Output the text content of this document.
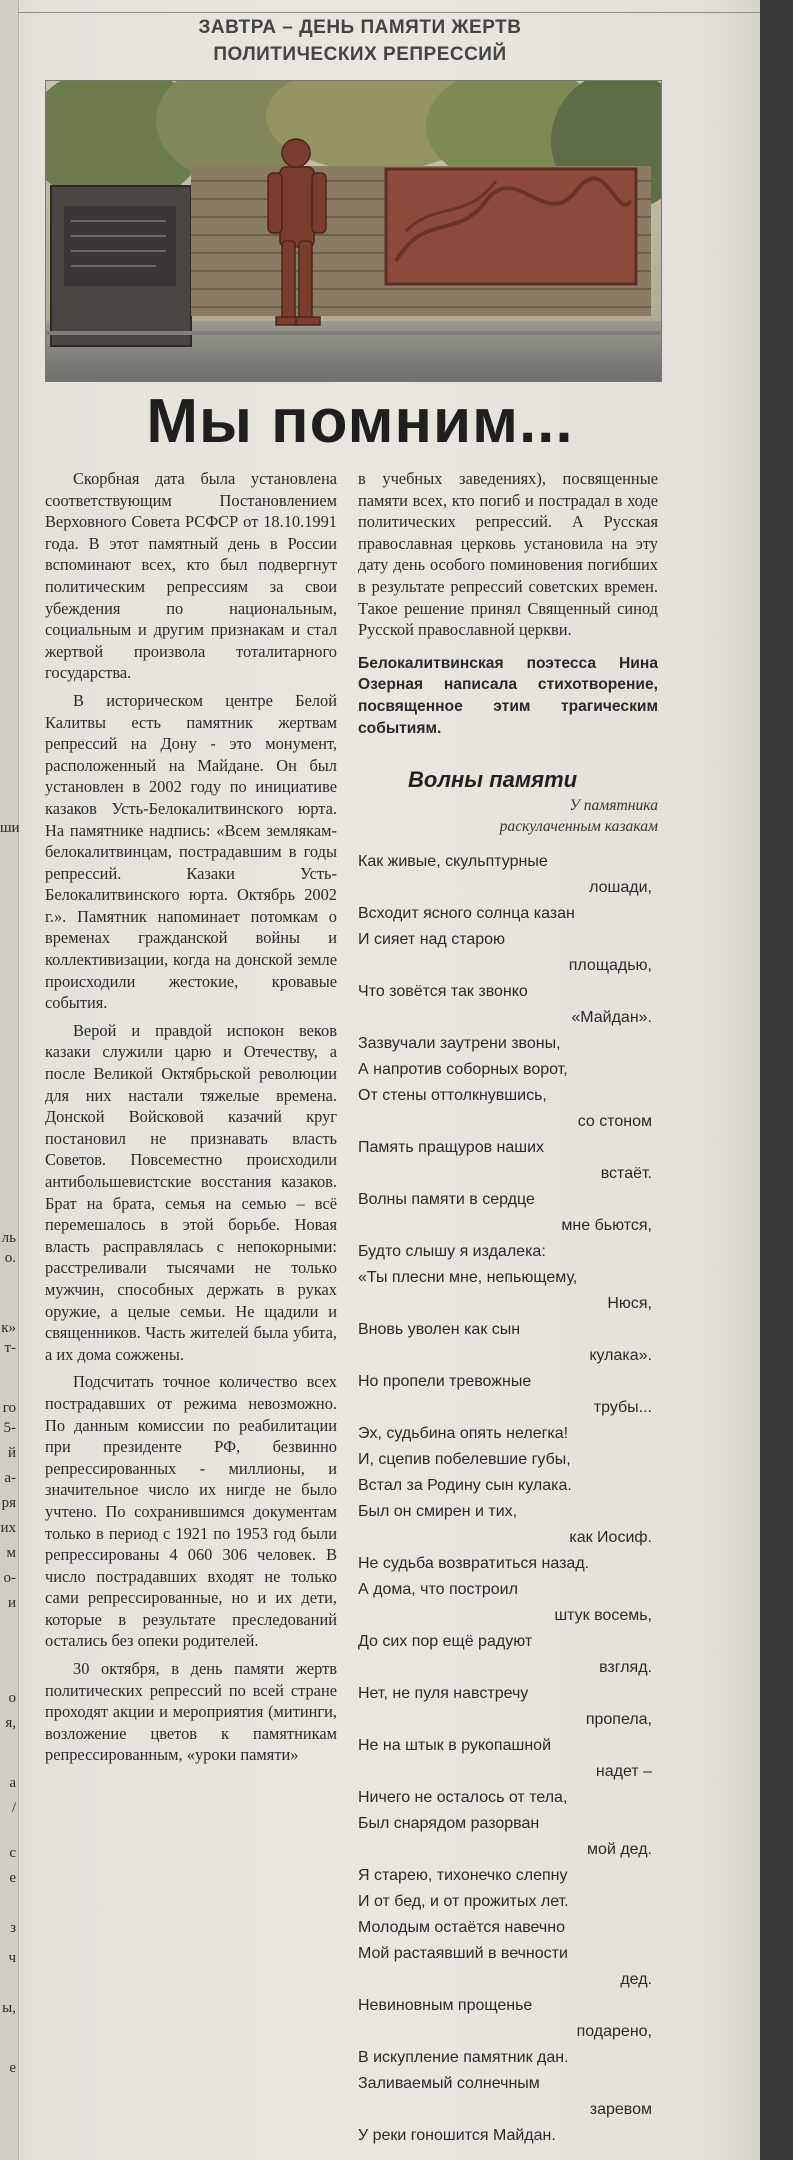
ши
ль
о.
к»
т-
го
5-
й
а-
ря
их
м
о-
и
о
я,
а
/
с
е
з
ч
ы,
е
ЗАВТРА – ДЕНЬ ПАМЯТИ ЖЕРТВ
ПОЛИТИЧЕСКИХ РЕПРЕССИЙ
Мы помним...

Скорбная дата была установлена соответствующим Постановлением Верховного Совета РСФСР от 18.10.1991 года. В этот памятный день в России вспоминают всех, кто был подвергнут политическим репрессиям за свои убеждения по национальным, социальным и другим признакам и стал жертвой произвола тоталитарного государства.

В историческом центре Белой Калитвы есть памятник жертвам репрессий на Дону - это монумент, расположенный на Майдане. Он был установлен в 2002 году по инициативе казаков Усть-Белокалитвинского юрта. На памятнике надпись: «Всем землякам-белокалитвинцам, пострадавшим в годы репрессий. Казаки Усть-Белокалитвинского юрта. Октябрь 2002 г.». Памятник напоминает потомкам о временах гражданской войны и коллективизации, когда на донской земле происходили жестокие, кровавые события.

Верой и правдой испокон веков казаки служили царю и Отечеству, а после Великой Октябрьской революции для них настали тяжелые времена. Донской Войсковой казачий круг постановил не признавать власть Советов. Повсеместно происходили антибольшевистские восстания казаков. Брат на брата, семья на семью – всё перемешалось в этой борьбе. Новая власть расправлялась с непокорными: расстреливали тысячами не только мужчин, способных держать в руках оружие, а целые семьи. Не щадили и священников. Часть жителей была убита, а их дома сожжены.

Подсчитать точное количество всех пострадавших от режима невозможно. По данным комиссии по реабилитации при президенте РФ, безвинно репрессированных - миллионы, и значительное число их нигде не было учтено. По сохранившимся документам только в период с 1921 по 1953 год были репрессированы 4 060 306 человек. В число пострадавших входят не только сами репрессированные, но и их дети, которые в результате преследований остались без опеки родителей.

30 октября, в день памяти жертв политических репрессий по всей стране проходят акции и мероприятия (митинги, возложение цветов к памятникам репрессированным, «уроки памяти»

в учебных заведениях), посвященные памяти всех, кто погиб и пострадал в ходе политических репрессий. А Русская православная церковь установила на эту дату день особого поминовения погибших в результате репрессий советских времен. Такое решение принял Священный синод Русской православной церкви.

Белокалитвинская поэтесса Нина Озерная написала стихотворение, посвященное этим трагическим событиям.

Волны памяти
У памятника
раскулаченным казакам
Как живые, скульптурные
лошади,
Всходит ясного солнца казан
И сияет над старою
площадью,
Что зовётся так звонко
«Майдан».
Зазвучали заутрени звоны,
А напротив соборных ворот,
От стены оттолкнувшись,
со стоном
Память пращуров наших
встаёт.
Волны памяти в сердце
мне бьются,
Будто слышу я издалека:
«Ты плесни мне, непьющему,
Нюся,
Вновь уволен как сын
кулака».
Но пропели тревожные
трубы...
Эх, судьбина опять нелегка!
И, сцепив побелевшие губы,
Встал за Родину сын кулака.
Был он смирен и тих,
как Иосиф.
Не судьба возвратиться назад.
А дома, что построил
штук восемь,
До сих пор ещё радуют
взгляд.
Нет, не пуля навстречу
пропела,
Не на штык в рукопашной
надет –
Ничего не осталось от тела,
Был снарядом разорван
мой дед.
Я старею, тихонечко слепну
И от бед, и от прожитых лет.
Молодым остаётся навечно
Мой растаявший в вечности
дед.
Невиновным прощенье
подарено,
В искупление памятник дан.
Заливаемый солнечным
заревом
У реки гоношится Майдан.
